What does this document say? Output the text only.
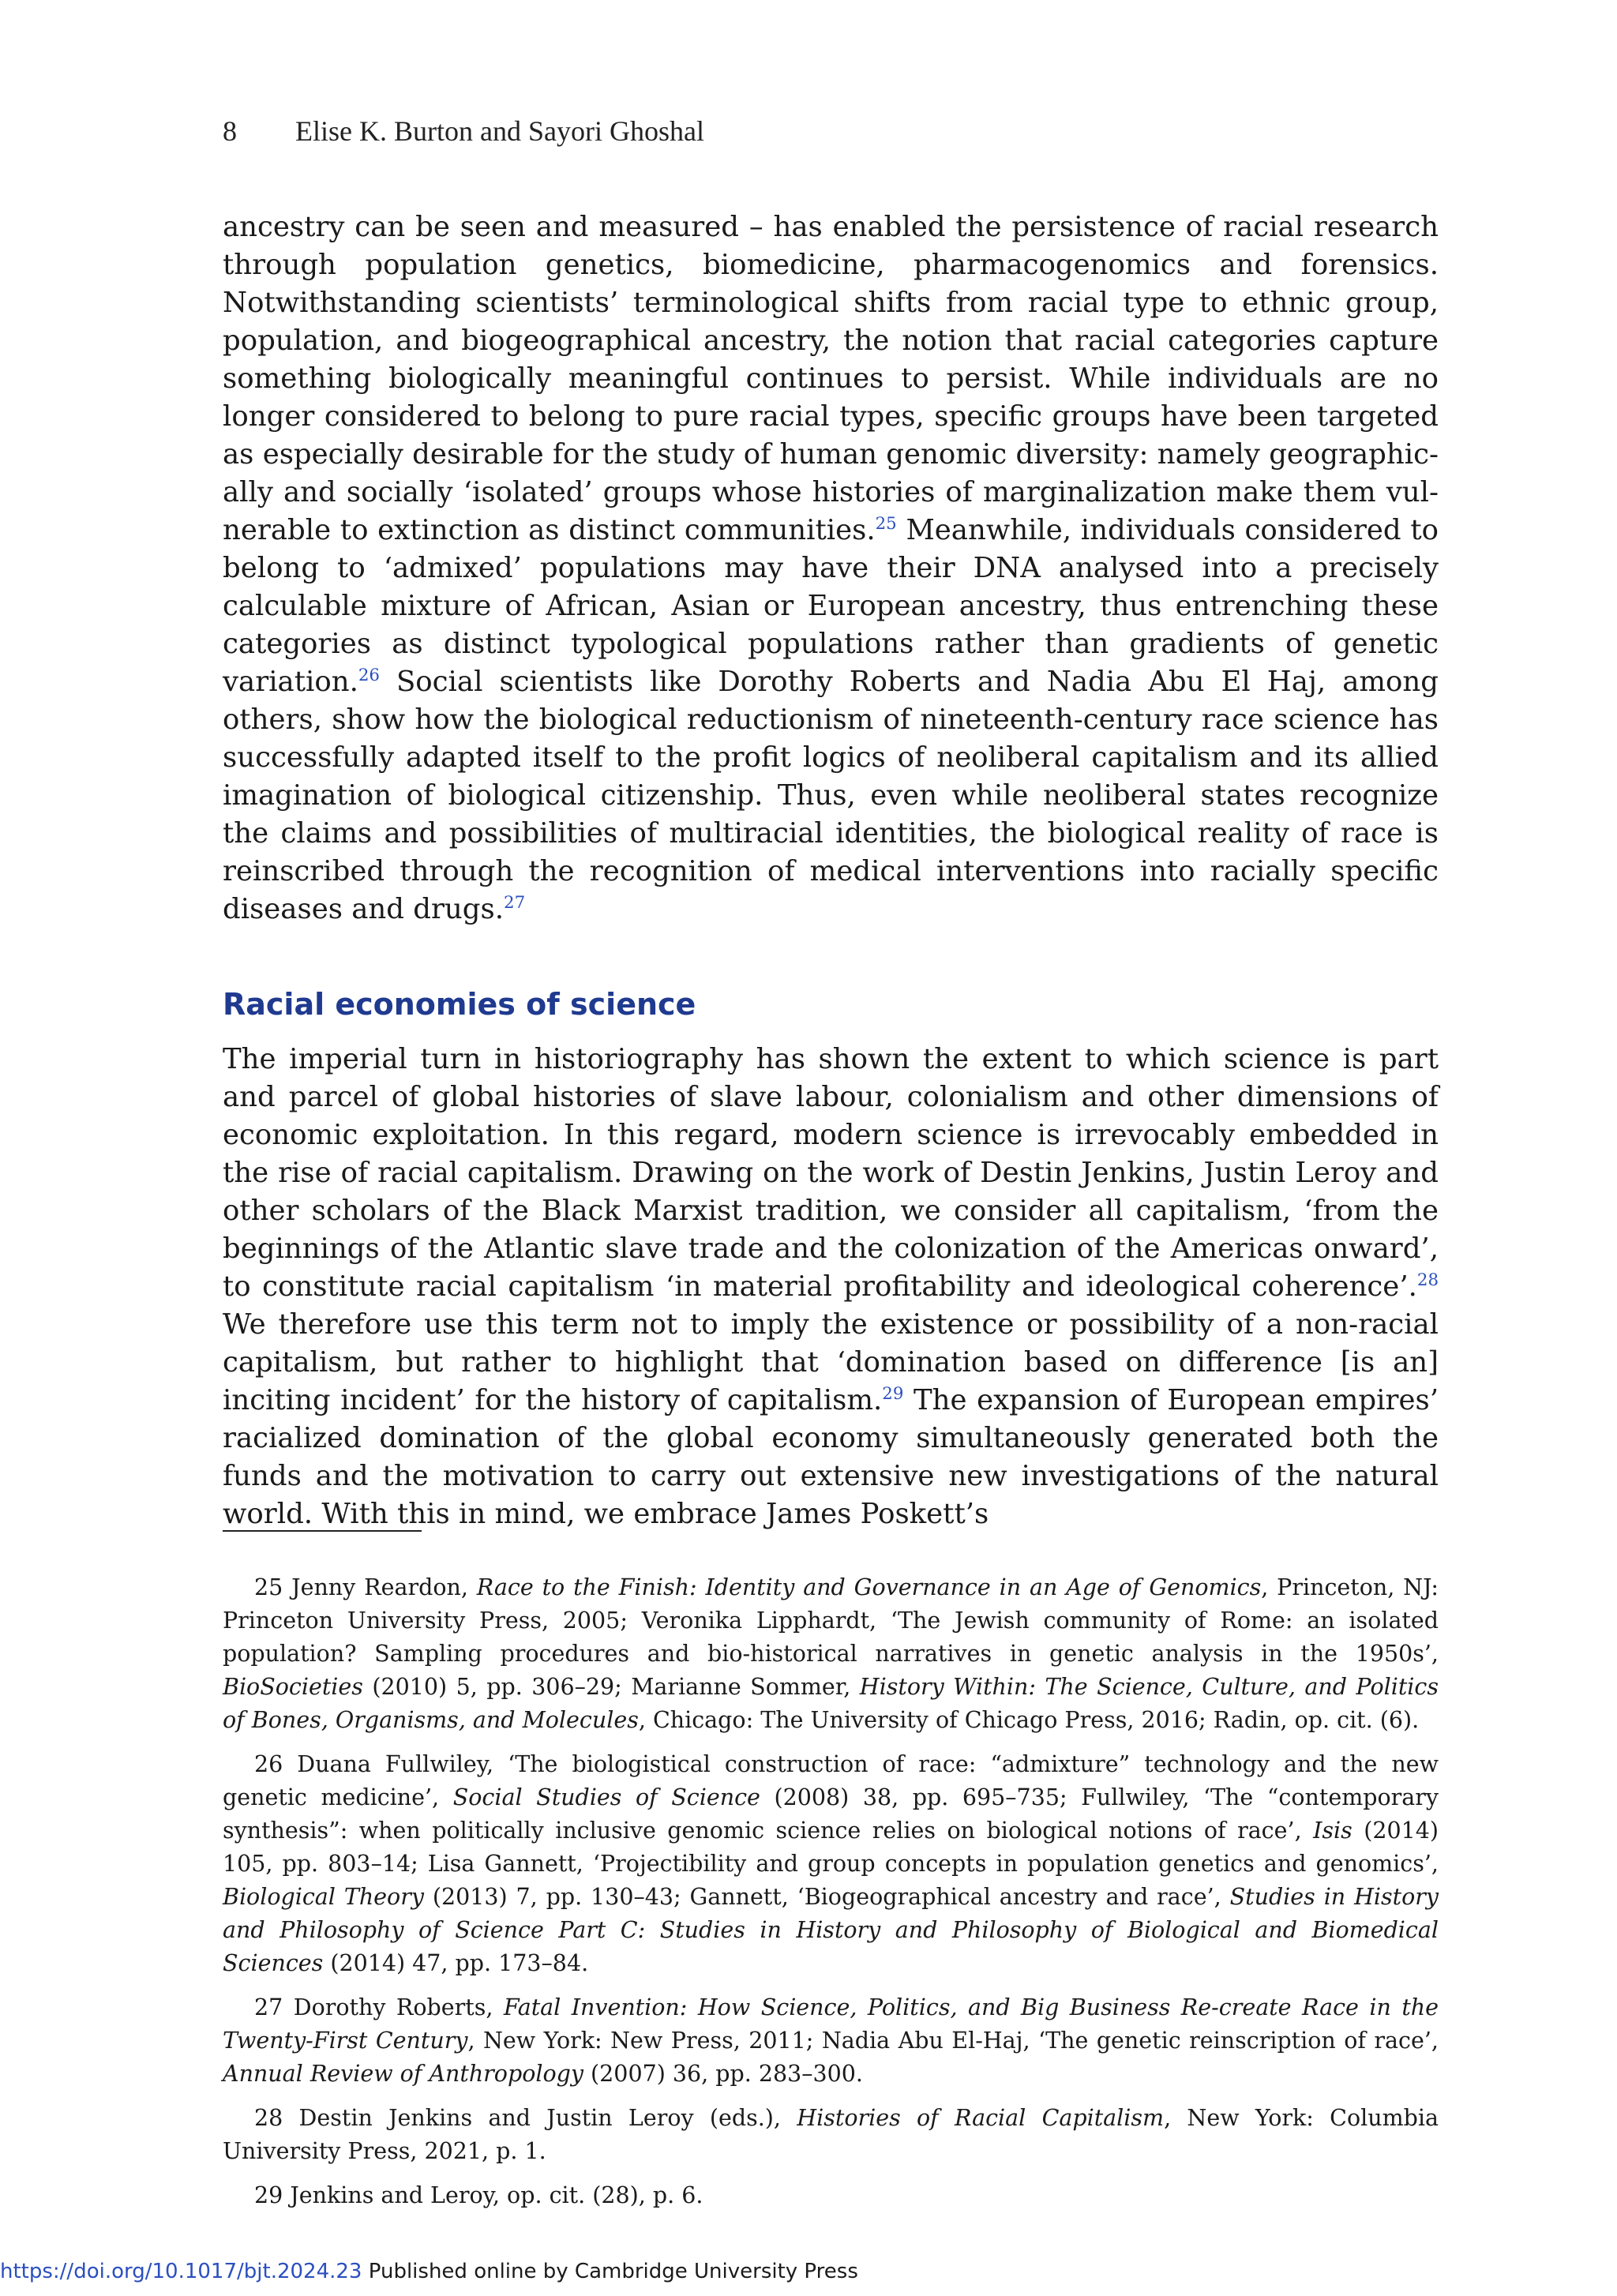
8 Elise K. Burton and Sayori Ghoshal

ancestry can be seen and measured – has enabled the persistence of racial research through population genetics, biomedicine, pharmacogenomics and forensics. Notwithstanding scientists’ terminological shifts from racial type to ethnic group, population, and biogeographical ancestry, the notion that racial categories capture something biologically meaningful continues to persist. While individuals are no longer considered to belong to pure racial types, specific groups have been targeted as especially desirable for the study of human genomic diversity: namely geographically and socially ‘isolated’ groups whose histories of marginalization make them vulnerable to extinction as distinct communities.$^{25}$ Meanwhile, individuals considered to belong to ‘admixed’ populations may have their DNA analysed into a precisely calculable mixture of African, Asian or European ancestry, thus entrenching these categories as distinct typological populations rather than gradients of genetic variation.$^{26}$ Social scientists like Dorothy Roberts and Nadia Abu El Haj, among others, show how the biological reductionism of nineteenth-century race science has successfully adapted itself to the profit logics of neoliberal capitalism and its allied imagination of biological citizenship. Thus, even while neoliberal states recognize the claims and possibilities of multiracial identities, the biological reality of race is reinscribed through the recognition of medical interventions into racially specific diseases and drugs.$^{27}$

Racial economies of science

The imperial turn in historiography has shown the extent to which science is part and parcel of global histories of slave labour, colonialism and other dimensions of economic exploitation. In this regard, modern science is irrevocably embedded in the rise of racial capitalism. Drawing on the work of Destin Jenkins, Justin Leroy and other scholars of the Black Marxist tradition, we consider all capitalism, ‘from the beginnings of the Atlantic slave trade and the colonization of the Americas onward’, to constitute racial capitalism ‘in material profitability and ideological coherence’.$^{28}$ We therefore use this term not to imply the existence or possibility of a non-racial capitalism, but rather to highlight that ‘domination based on difference [is an] inciting incident’ for the history of capitalism.$^{29}$ The expansion of European empires’ racialized domination of the global economy simultaneously generated both the funds and the motivation to carry out extensive new investigations of the natural world. With this in mind, we embrace James Poskett’s

25 Jenny Reardon, Race to the Finish: Identity and Governance in an Age of Genomics, Princeton, NJ: Princeton University Press, 2005; Veronika Lipphardt, ‘The Jewish community of Rome: an isolated population? Sampling procedures and bio-historical narratives in genetic analysis in the 1950s’, BioSocieties (2010) 5, pp. 306–29; Marianne Sommer, History Within: The Science, Culture, and Politics of Bones, Organisms, and Molecules, Chicago: The University of Chicago Press, 2016; Radin, op. cit. (6).
26 Duana Fullwiley, ‘The biologistical construction of race: “admixture” technology and the new genetic medicine’, Social Studies of Science (2008) 38, pp. 695–735; Fullwiley, ‘The “contemporary synthesis”: when politically inclusive genomic science relies on biological notions of race’, Isis (2014) 105, pp. 803–14; Lisa Gannett, ‘Projectibility and group concepts in population genetics and genomics’, Biological Theory (2013) 7, pp. 130–43; Gannett, ‘Biogeographical ancestry and race’, Studies in History and Philosophy of Science Part C: Studies in History and Philosophy of Biological and Biomedical Sciences (2014) 47, pp. 173–84.
27 Dorothy Roberts, Fatal Invention: How Science, Politics, and Big Business Re-create Race in the Twenty-First Century, New York: New Press, 2011; Nadia Abu El-Haj, ‘The genetic reinscription of race’, Annual Review of Anthropology (2007) 36, pp. 283–300.
28 Destin Jenkins and Justin Leroy (eds.), Histories of Racial Capitalism, New York: Columbia University Press, 2021, p. 1.
29 Jenkins and Leroy, op. cit. (28), p. 6.
https://doi.org/10.1017/bjt.2024.23 Published online by Cambridge University Press
